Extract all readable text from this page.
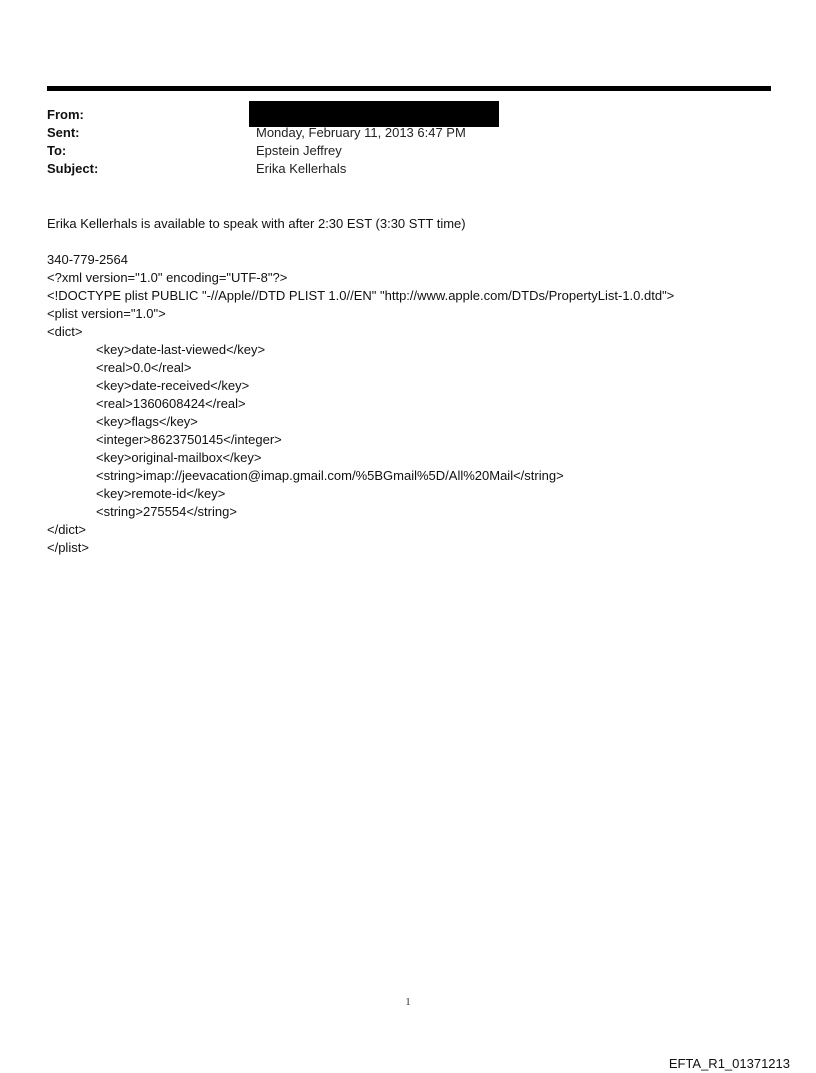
From:
Sent:	Monday, February 11, 2013 6:47 PM
To:	Epstein Jeffrey
Subject:	Erika Kellerhals
Erika Kellerhals is available to speak with after 2:30 EST (3:30 STT time)
340-779-2564
<?xml version="1.0" encoding="UTF-8"?>
<!DOCTYPE plist PUBLIC "-//Apple//DTD PLIST 1.0//EN" "http://www.apple.com/DTDs/PropertyList-1.0.dtd">
<plist version="1.0">
<dict>
<key>date-last-viewed</key>
<real>0.0</real>
<key>date-received</key>
<real>1360608424</real>
<key>flags</key>
<integer>8623750145</integer>
<key>original-mailbox</key>
<string>imap://jeevacation@imap.gmail.com/%5BGmail%5D/All%20Mail</string>
<key>remote-id</key>
<string>275554</string>
</dict>
</plist>
1
EFTA_R1_01371213
